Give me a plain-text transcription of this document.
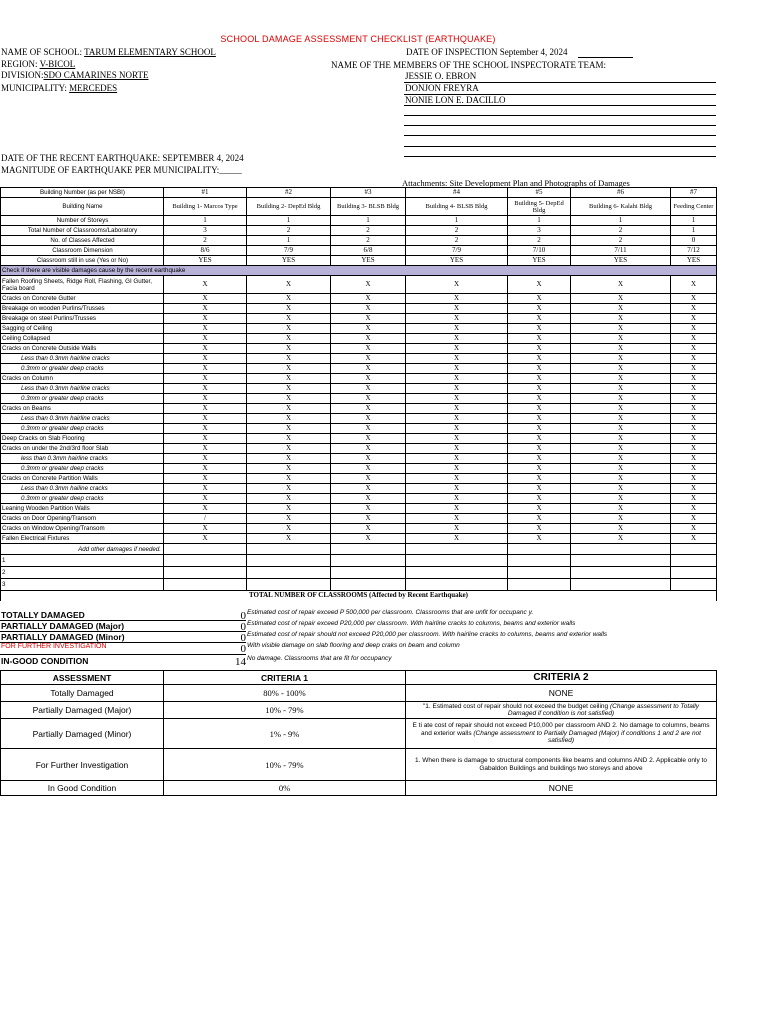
SCHOOL DAMAGE ASSESSMENT CHECKLIST (EARTHQUAKE)
NAME OF SCHOOL: TARUM ELEMENTARY SCHOOL
REGION: V-BICOL
DIVISION:SDO CAMARINES NORTE
MUNICIPALITY: MERCEDES
DATE OF INSPECTION September 4, 2024
NAME OF THE MEMBERS OF THE SCHOOL INSPECTORATE TEAM:
JESSIE O. EBRON
DONJON FREYRA
NONIE LON E. DACILLO
DATE OF THE RECENT EARTHQUAKE: SEPTEMBER 4, 2024
MAGNITUDE OF EARTHQUAKE PER MUNICIPALITY:_____
Attachments: Site Development Plan and Photographs of Damages
Building Number (as per NSBI)	#1	#2	#3	#4	#5	#6	#7
Building Name	Building 1- Marcos Type	Building 2- DepEd Bldg	Building 3- BLSB Bldg	Building 4- BLSB Bldg	Building 5- DepEd Bldg	Building 6- Kalahi Bldg	Feeding Center
Number of Storeys	1	1	1	1	1	1	1
Total Number of Classrooms/Laboratory	3	2	2	2	3	2	1
No. of Classes Affected	2	1	2	2	2	2	0
Classroom Dimension	8/6	7/9	6/8	7/9	7/10	7/11	7/12
Classroom still in use (Yes or No)	YES	YES	YES	YES	YES	YES	YES
Check if there are visible damages cause by the recent earthquake							
Fallen Roofing Sheets, Ridge Roll, Flashing, GI Gutter, Facia board	X	X	X	X	X	X	X
Cracks on Concrete Gutter	X	X	X	X	X	X	X
Breakage on wooden Purlins/Trusses	X	X	X	X	X	X	X
Breakage on steel Purlins/Trusses	X	X	X	X	X	X	X
Sagging of Ceiling	X	X	X	X	X	X	X
Ceiling Collapsed	X	X	X	X	X	X	X
Cracks on Concrete Outside Walls	X	X	X	X	X	X	X
Less than 0.3mm hairline cracks	X	X	X	X	X	X	X
0.3mm or greater deep cracks	X	X	X	X	X	X	X
Cracks on Column	X	X	X	X	X	X	X
Less than 0.3mm hairline cracks	X	X	X	X	X	X	X
0.3mm or greater deep cracks	X	X	X	X	X	X	X
Cracks on Beams	X	X	X	X	X	X	X
Less than 0.3mm hairline cracks	X	X	X	X	X	X	X
0.3mm or greater deep cracks	X	X	X	X	X	X	X
Deep Cracks on Slab Flooring	X	X	X	X	X	X	X
Cracks on under the 2nd/3rd floor Slab	X	X	X	X	X	X	X
less than 0.3mm hairline cracks	X	X	X	X	X	X	X
0.3mm or greater deep cracks	X	X	X	X	X	X	X
Cracks on Concrete Partition Walls	X	X	X	X	X	X	X
Less than 0.3mm hailine cracks	X	X	X	X	X	X	X
0.3mm or greater deep cracks	X	X	X	X	X	X	X
Leaning Wooden Partition Walls	X	X	X	X	X	X	X
Cracks on Door Opening/Transom	/	X	X	X	X	X	X
Cracks on Window Opening/Transom	X	X	X	X	X	X	X
Fallen Electrical Fixtures	X	X	X	X	X	X	X
Add other damages if needed.							
1							
2							
3							
TOTAL NUMBER OF CLASSROOMS (Affected by Recent Earthquake)							
TOTALLY DAMAGED	0 Estimated cost of repair exceed P 500,000 per classroom. Classrooms that are unfit for occupanc y.
PARTIALLY DAMAGED (Major)	0 Estimated cost of repair exceed P20,000 per classroom. With hairline cracks to columns, beams and exterior walls
PARTIALLY DAMAGED (Minor)	0 Estimated cost of repair should not exceed P20,000 per classroom. With hairline cracks to columns, beams and exterior walls
FOR FURTHER INVESTIGATION	0 With visible damage on slab flooring and deep craks on beam and column
IN-GOOD CONDITION	14 No damage. Classrooms that are fit for occupancy
ASSESSMENT	CRITERIA 1	CRITERIA 2
Totally Damaged	80% - 100%	NONE
Partially Damaged (Major)	10% - 79%	"1. Estimated cost of repair should not exceed the budget ceiling (Change assessment to Totally Damaged if condition is not satisfied)
Partially Damaged (Minor)	1% - 9%	E ti ate cost of repair should not exceed P10,000 per classroom AND 2. No damage to columns, beams and exterior walls (Change assessment to Partially Damaged (Major) if conditions 1 and 2 are not satisfied)
For Further Investigation	10% - 79%	1. When there is damage to structural components like beams and columns AND 2. Applicable only to Gabaldon Buildings and buildings two storeys and above
In Good Condition	0%	NONE
